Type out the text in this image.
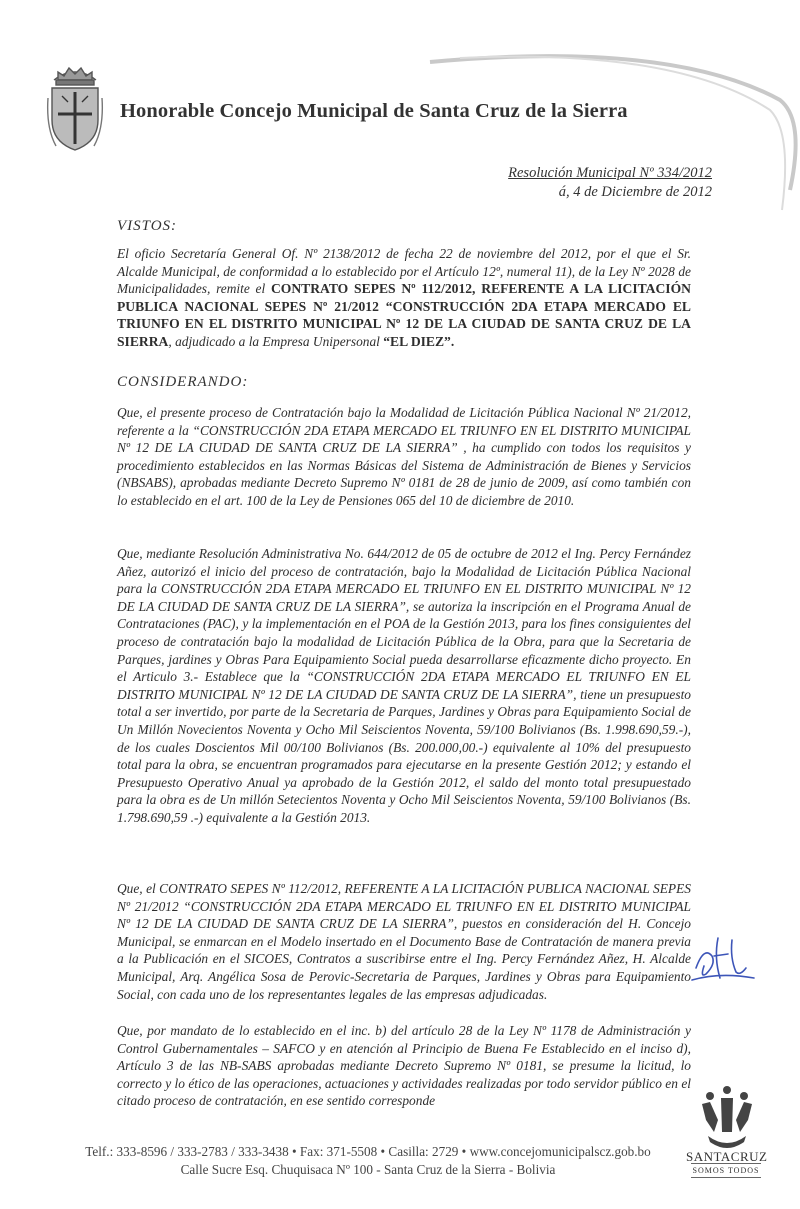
Honorable Concejo Municipal de Santa Cruz de la Sierra
Resolución Municipal Nº 334/2012
á, 4 de Diciembre de 2012
VISTOS:
El oficio Secretaría General Of. Nº 2138/2012 de fecha 22 de noviembre del 2012, por el que el Sr. Alcalde Municipal, de conformidad a lo establecido por el Artículo 12º, numeral 11), de la Ley Nº 2028 de Municipalidades, remite el CONTRATO SEPES Nº 112/2012, REFERENTE A LA LICITACIÓN PUBLICA NACIONAL SEPES Nº 21/2012 “CONSTRUCCIÓN 2DA ETAPA MERCADO EL TRIUNFO EN EL DISTRITO MUNICIPAL Nº 12 DE LA CIUDAD DE SANTA CRUZ DE LA SIERRA, adjudicado a la Empresa Unipersonal “EL DIEZ”.
CONSIDERANDO:
Que, el presente proceso de Contratación bajo la Modalidad de Licitación Pública Nacional Nº 21/2012, referente a la “CONSTRUCCIÓN 2DA ETAPA MERCADO EL TRIUNFO EN EL DISTRITO MUNICIPAL Nº 12 DE LA CIUDAD DE SANTA CRUZ DE LA SIERRA” , ha cumplido con todos los requisitos y procedimiento establecidos en las Normas Básicas del Sistema de Administración de Bienes y Servicios (NBSABS), aprobadas mediante Decreto Supremo Nº 0181 de 28 de junio de 2009, así como también con lo establecido en el art. 100 de la Ley de Pensiones 065 del 10 de diciembre de 2010.
Que, mediante Resolución Administrativa No. 644/2012 de 05 de octubre de 2012 el Ing. Percy Fernández Añez, autorizó el inicio del proceso de contratación, bajo la Modalidad de Licitación Pública Nacional para la CONSTRUCCIÓN 2DA ETAPA MERCADO EL TRIUNFO EN EL DISTRITO MUNICIPAL Nº 12 DE LA CIUDAD DE SANTA CRUZ DE LA SIERRA”, se autoriza la inscripción en el Programa Anual de Contrataciones (PAC), y la implementación en el POA de la Gestión 2013, para los fines consiguientes del proceso de contratación bajo la modalidad de Licitación Pública de la Obra, para que la Secretaria de Parques, jardines y Obras Para Equipamiento Social pueda desarrollarse eficazmente dicho proyecto. En el Articulo 3.- Establece que la “CONSTRUCCIÓN 2DA ETAPA MERCADO EL TRIUNFO EN EL DISTRITO MUNICIPAL Nº 12 DE LA CIUDAD DE SANTA CRUZ DE LA SIERRA”, tiene un presupuesto total a ser invertido, por parte de la Secretaria de Parques, Jardines y Obras para Equipamiento Social de Un Millón Novecientos Noventa y Ocho Mil Seiscientos Noventa, 59/100 Bolivianos (Bs. 1.998.690,59.-), de los cuales Doscientos Mil 00/100 Bolivianos (Bs. 200.000,00.-) equivalente al 10% del presupuesto total para la obra, se encuentran programados para ejecutarse en la presente Gestión 2012; y estando el Presupuesto Operativo Anual ya aprobado de la Gestión 2012, el saldo del monto total presupuestado para la obra es de Un millón Setecientos Noventa y Ocho Mil Seiscientos Noventa, 59/100 Bolivianos (Bs. 1.798.690,59 .-) equivalente a la Gestión 2013.
Que, el CONTRATO SEPES Nº 112/2012, REFERENTE A LA LICITACIÓN PUBLICA NACIONAL SEPES Nº 21/2012 “CONSTRUCCIÓN 2DA ETAPA MERCADO EL TRIUNFO EN EL DISTRITO MUNICIPAL Nº 12 DE LA CIUDAD DE SANTA CRUZ DE LA SIERRA”, puestos en consideración del H. Concejo Municipal, se enmarcan en el Modelo insertado en el Documento Base de Contratación de manera previa a la Publicación en el SICOES, Contratos a suscribirse entre el Ing. Percy Fernández Añez, H. Alcalde Municipal, Arq. Angélica Sosa de Perovic-Secretaria de Parques, Jardines y Obras para Equipamiento Social, con cada uno de los representantes legales de las empresas adjudicadas.
Que, por mandato de lo establecido en el inc. b) del artículo 28 de la Ley Nº 1178 de Administración y Control Gubernamentales – SAFCO y en atención al Principio de Buena Fe Establecido en el inciso d), Artículo 3 de las NB-SABS aprobadas mediante Decreto Supremo Nº 0181, se presume la licitud, lo correcto y lo ético de las operaciones, actuaciones y actividades realizadas por todo servidor público en el citado proceso de contratación, en ese sentido corresponde
Telf.: 333-8596 / 333-2783 / 333-3438 • Fax: 371-5508 • Casilla: 2729 • www.concejomunicipalscz.gob.bo
Calle Sucre Esq. Chuquisaca Nº 100 - Santa Cruz de la Sierra - Bolivia
SANTACRUZ
SOMOS TODOS
